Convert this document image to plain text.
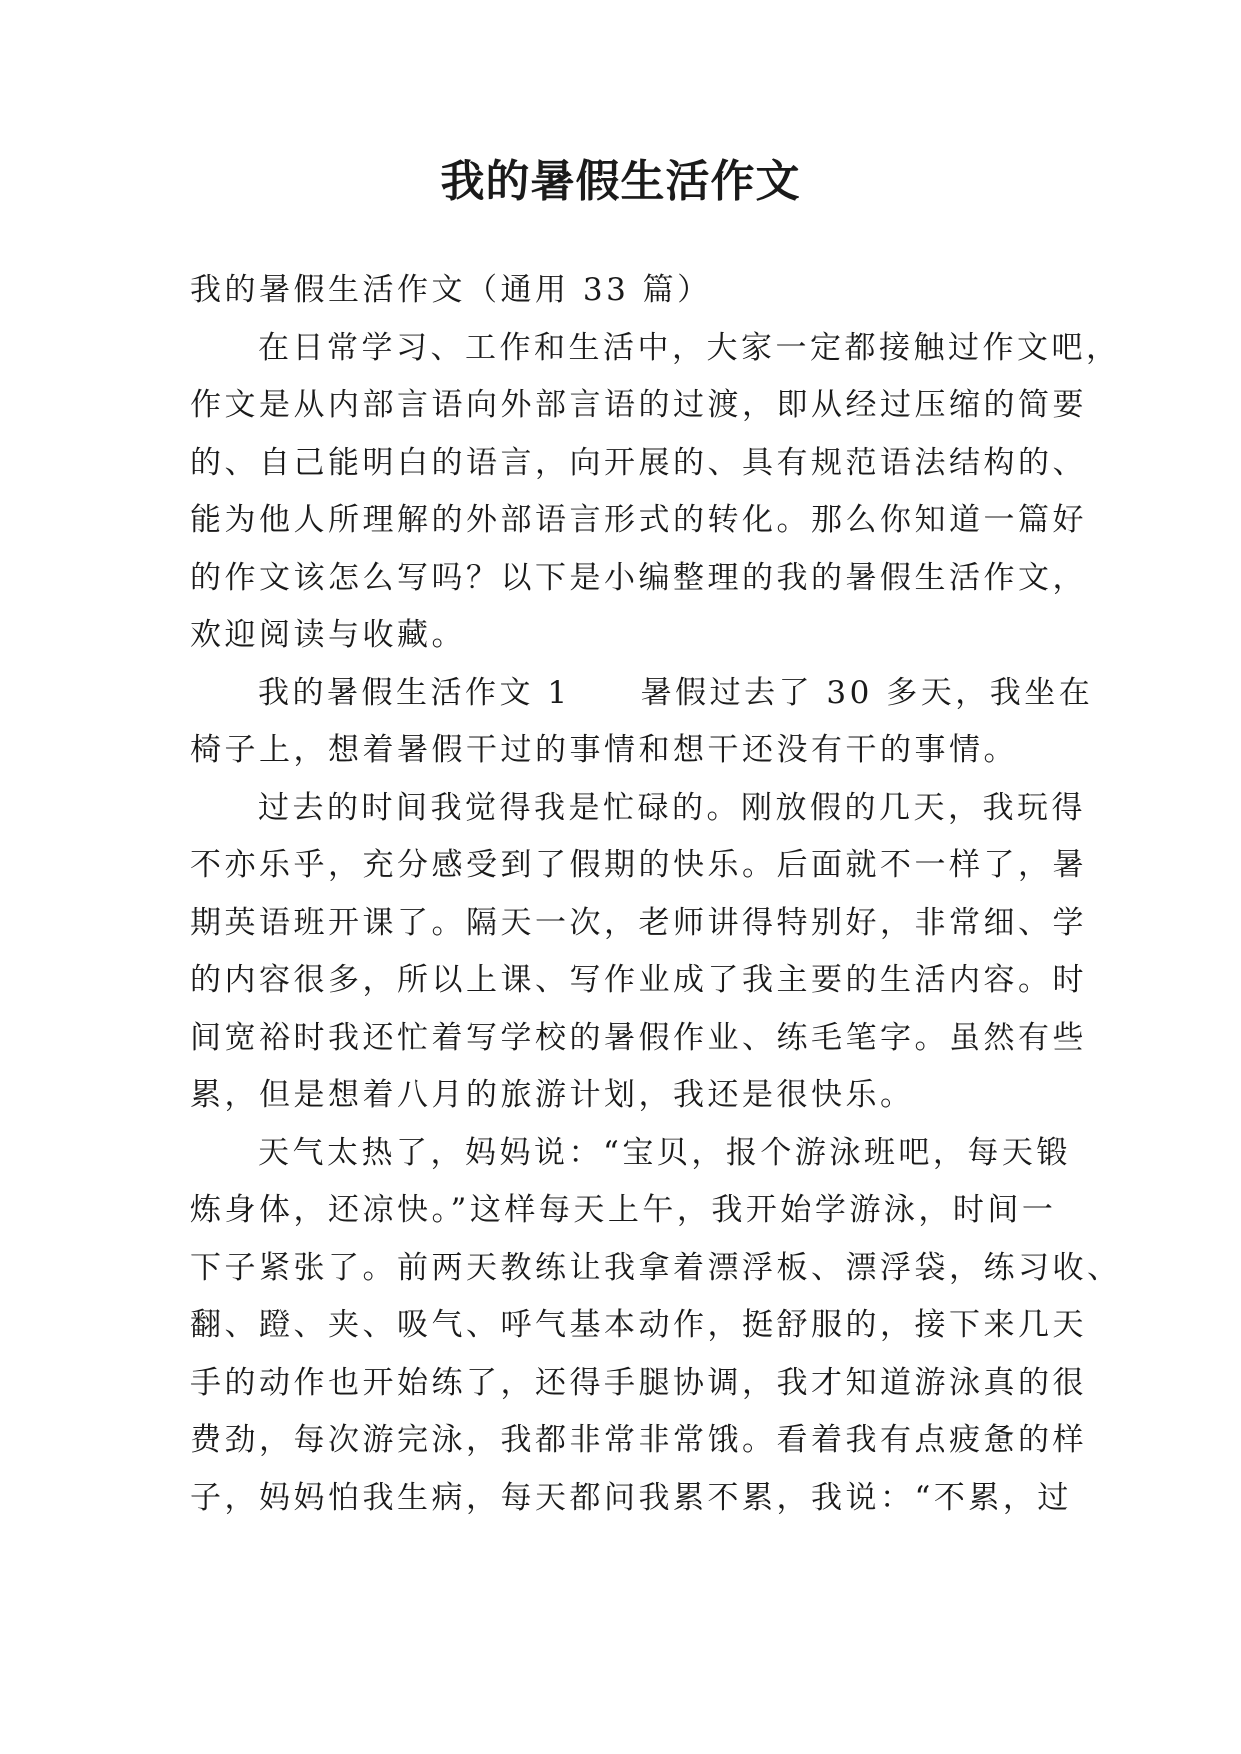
我的暑假生活作文

我的暑假生活作文（通用 33 篇）

在日常学习、工作和生活中，大家一定都接触过作文吧，

作文是从内部言语向外部言语的过渡，即从经过压缩的简要

的、自己能明白的语言，向开展的、具有规范语法结构的、

能为他人所理解的外部语言形式的转化。那么你知道一篇好

的作文该怎么写吗？以下是小编整理的我的暑假生活作文，

欢迎阅读与收藏。

我的暑假生活作文 1 暑假过去了 30 多天，我坐在

椅子上，想着暑假干过的事情和想干还没有干的事情。

过去的时间我觉得我是忙碌的。刚放假的几天，我玩得

不亦乐乎，充分感受到了假期的快乐。后面就不一样了，暑

期英语班开课了。隔天一次，老师讲得特别好，非常细、学

的内容很多，所以上课、写作业成了我主要的生活内容。时

间宽裕时我还忙着写学校的暑假作业、练毛笔字。虽然有些

累，但是想着八月的旅游计划，我还是很快乐。

天气太热了，妈妈说：“宝贝，报个游泳班吧，每天锻

炼身体，还凉快。”这样每天上午，我开始学游泳，时间一

下子紧张了。前两天教练让我拿着漂浮板、漂浮袋，练习收、

翻、蹬、夹、吸气、呼气基本动作，挺舒服的，接下来几天

手的动作也开始练了，还得手腿协调，我才知道游泳真的很

费劲，每次游完泳，我都非常非常饿。看着我有点疲惫的样

子，妈妈怕我生病，每天都问我累不累，我说：“不累，过
